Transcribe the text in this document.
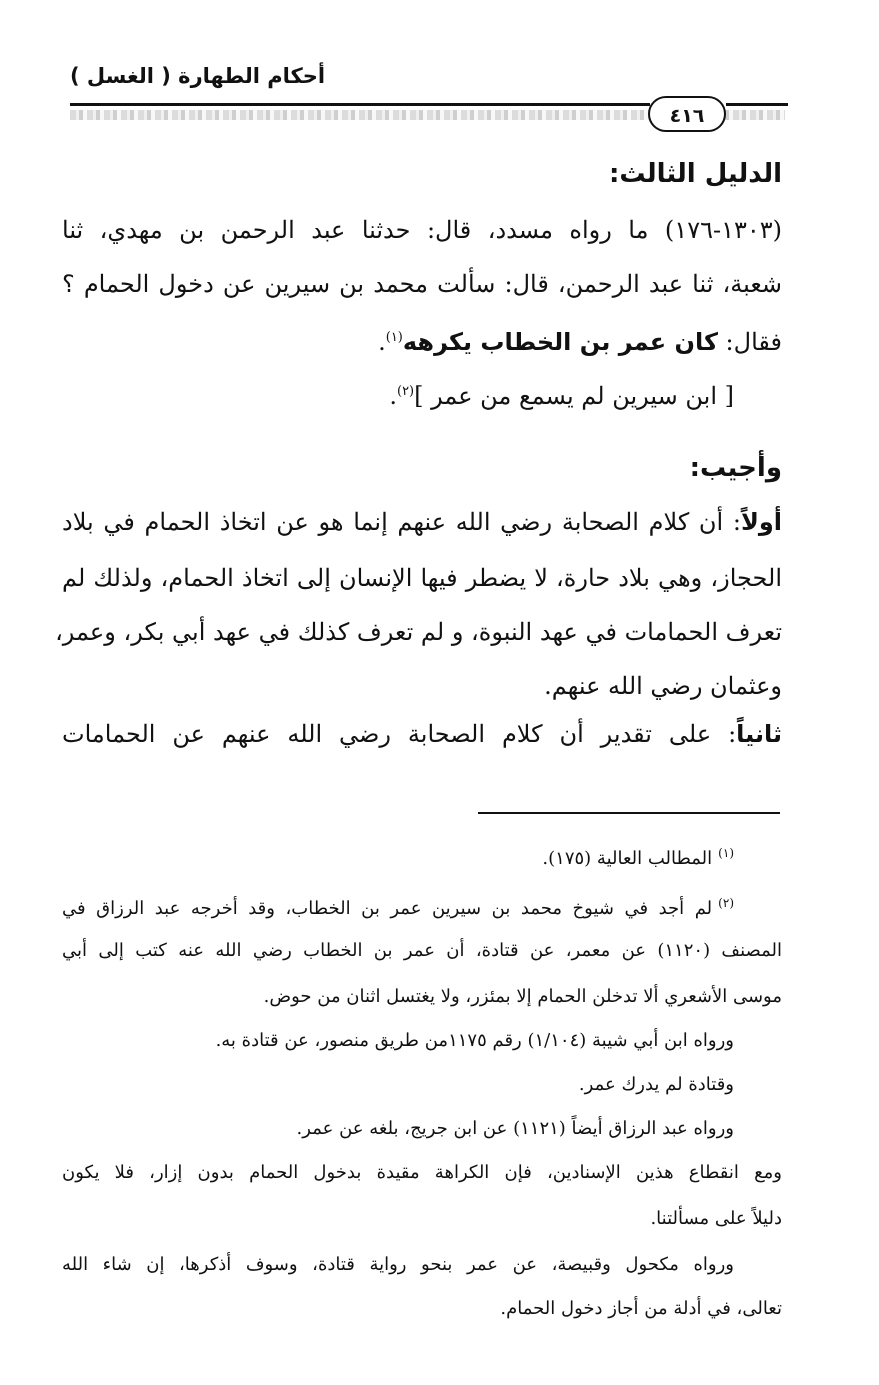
أحكام الطهارة ( الغسل )
٤١٦
الدليل الثالث:
(١٣٠٣-١٧٦) ما رواه مسدد، قال: حدثنا عبد الرحمن بن مهدي، ثنا
شعبة، ثنا عبد الرحمن، قال: سألت محمد بن سيرين عن دخول الحمام ؟
فقال: كان عمر بن الخطاب يكرهه$^{(١)}$.
[ ابن سيرين لم يسمع من عمر ]$^{(٢)}$.
وأجيب:
أولاً: أن كلام الصحابة رضي الله عنهم إنما هو عن اتخاذ الحمام في بلاد
الحجاز، وهي بلاد حارة، لا يضطر فيها الإنسان إلى اتخاذ الحمام، ولذلك لم
تعرف الحمامات في عهد النبوة، و لم تعرف كذلك في عهد أبي بكر، وعمر،
وعثمان رضي الله عنهم.
ثانياً: على تقدير أن كلام الصحابة رضي الله عنهم عن الحمامات
$^{(١)}$المطالب العالية (١٧٥).
$^{(٢)}$لم أجد في شيوخ محمد بن سيرين عمر بن الخطاب، وقد أخرجه عبد الرزاق في
المصنف (١١٢٠) عن معمر، عن قتادة، أن عمر بن الخطاب رضي الله عنه كتب إلى أبي
موسى الأشعري ألا تدخلن الحمام إلا بمئزر، ولا يغتسل اثنان من حوض.
ورواه ابن أبي شيبة (١/١٠٤) رقم ١١٧٥من طريق منصور، عن قتادة به.
وقتادة لم يدرك عمر.
ورواه عبد الرزاق أيضاً (١١٢١) عن ابن جريج، بلغه عن عمر.
ومع انقطاع هذين الإسنادين، فإن الكراهة مقيدة بدخول الحمام بدون إزار، فلا يكون
دليلاً على مسألتنا.
ورواه مكحول وقبيصة، عن عمر بنحو رواية قتادة، وسوف أذكرها، إن شاء الله
تعالى، في أدلة من أجاز دخول الحمام.
